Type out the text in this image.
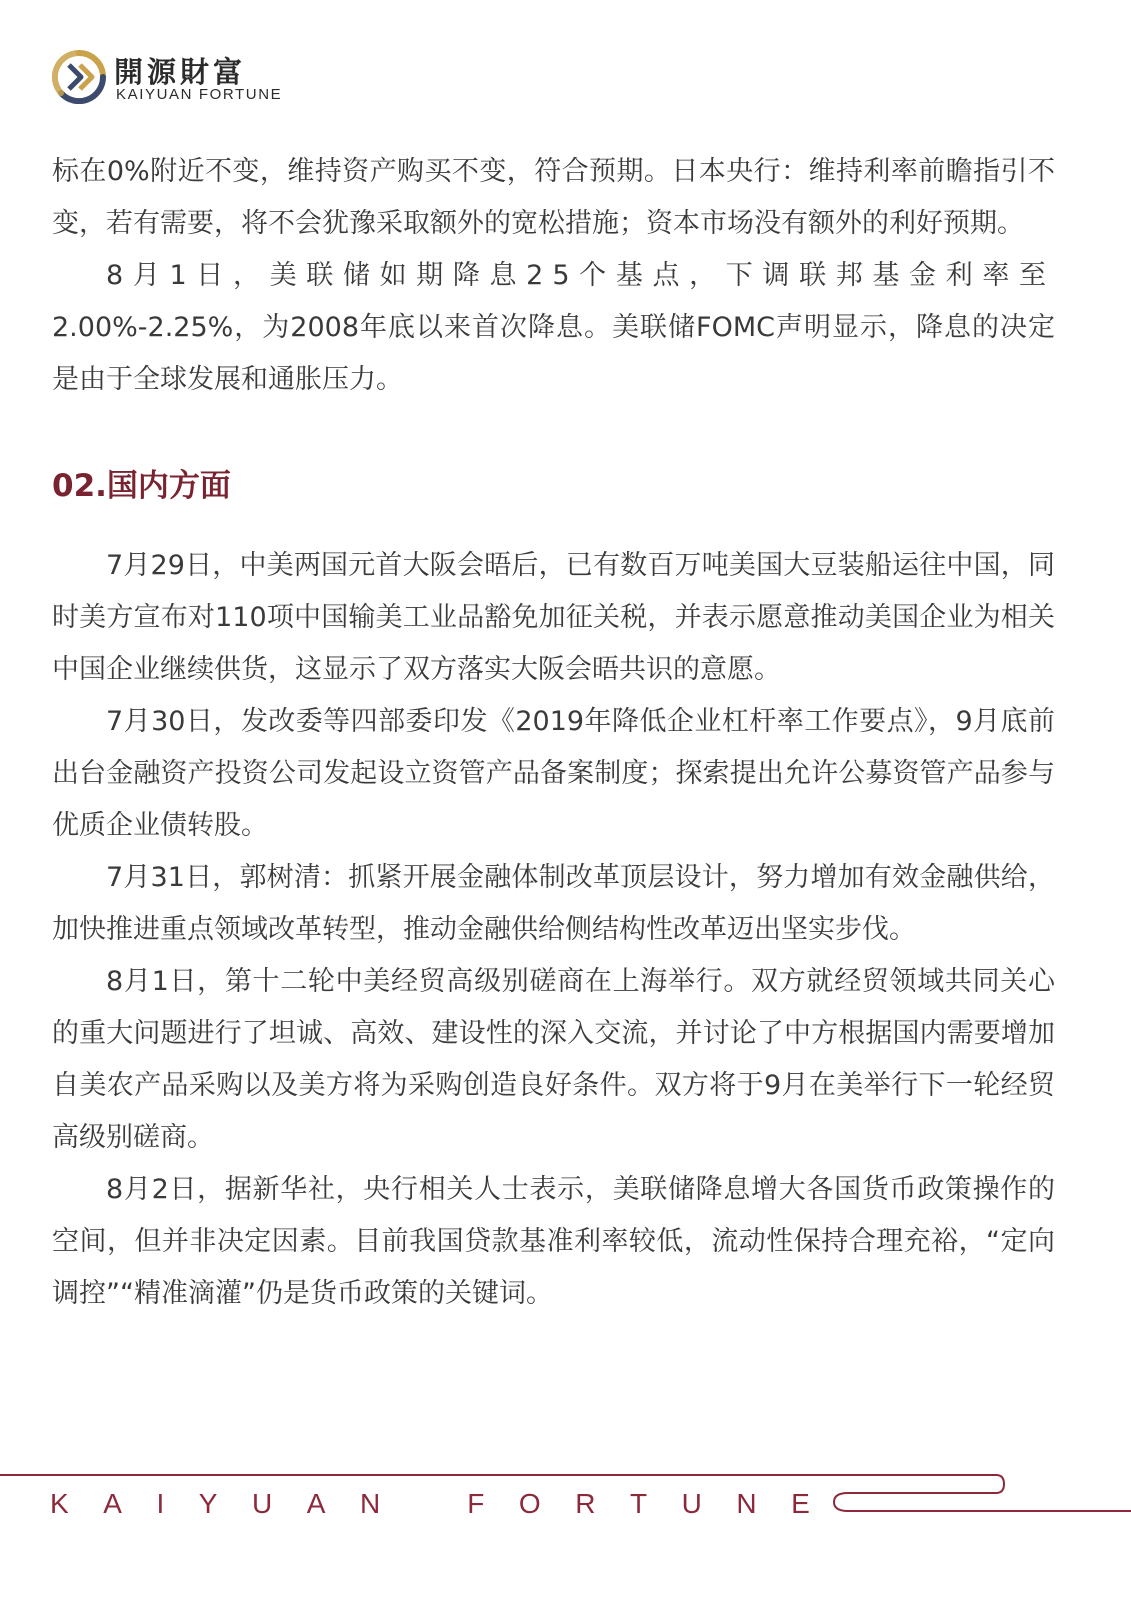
開源財富
KAIYUAN FORTUNE

标在0%附近不变，维持资产购买不变，符合预期。日本央行：维持利率前瞻指引不变，若有需要，将不会犹豫采取额外的宽松措施；资本市场没有额外的利好预期。

8月1日，美联储如期降息25个基点，下调联邦基金利率至2.00%-2.25%，为2008年底以来首次降息。美联储FOMC声明显示，降息的决定是由于全球发展和通胀压力。

02.国内方面

7月29日，中美两国元首大阪会晤后，已有数百万吨美国大豆装船运往中国，同时美方宣布对110项中国输美工业品豁免加征关税，并表示愿意推动美国企业为相关中国企业继续供货，这显示了双方落实大阪会晤共识的意愿。

7月30日，发改委等四部委印发《2019年降低企业杠杆率工作要点》，9月底前出台金融资产投资公司发起设立资管产品备案制度；探索提出允许公募资管产品参与优质企业债转股。

7月31日，郭树清：抓紧开展金融体制改革顶层设计，努力增加有效金融供给，加快推进重点领域改革转型，推动金融供给侧结构性改革迈出坚实步伐。

8月1日，第十二轮中美经贸高级别磋商在上海举行。双方就经贸领域共同关心的重大问题进行了坦诚、高效、建设性的深入交流，并讨论了中方根据国内需要增加自美农产品采购以及美方将为采购创造良好条件。双方将于9月在美举行下一轮经贸高级别磋商。

8月2日，据新华社，央行相关人士表示，美联储降息增大各国货币政策操作的空间，但并非决定因素。目前我国贷款基准利率较低，流动性保持合理充裕，“定向调控”“精准滴灌”仍是货币政策的关键词。

K A I Y U A N	F O R T U N E
